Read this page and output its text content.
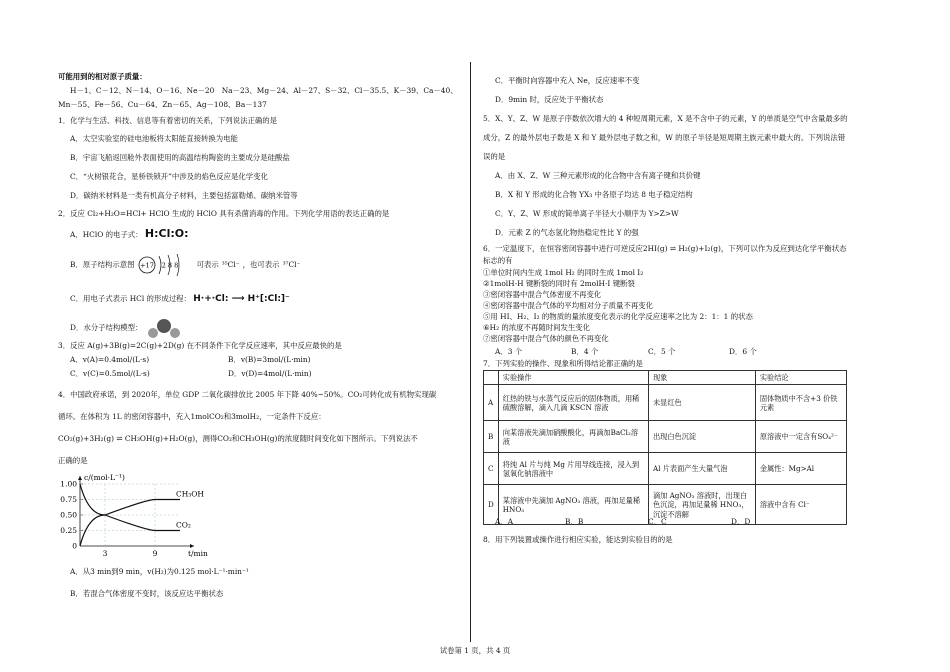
可能用到的相对原子质量：
H－1、C－12、N－14、O－16、Ne－20　Na－23、Mg－24、Al－27、S－32、Cl－35.5、K－39、Ca－40、
Mn－55、Fe－56、Cu－64、Zn－65、Ag－108、Ba－137
1．化学与生活、科技、信息等有着密切的关系，下列说法正确的是
A．太空实验室的硅电池板将太阳能直接转换为电能
B．宇宙飞船返回舱外表面使用的高温结构陶瓷的主要成分是硅酸盐
C．“火树银花合，星桥铁锁开”中涉及的焰色反应是化学变化
D．碳纳米材料是一类有机高分子材料，主要包括富勒烯、碳纳米管等
2．反应 Cl₂+H₂O=HCl+ HClO 生成的 HClO 具有杀菌消毒的作用。下列化学用语的表达正确的是
A．HClO 的电子式： H:Cl:O:
B．原子结构示意图 +17 2 8 8	可表示 ³⁵Cl⁻ ，也可表示 ³⁷Cl⁻
C．用电子式表示 HCl 的形成过程： H·+·Cl: ⟶ H⁺[:Cl:]⁻
D．水分子结构模型：
3．反应 A(g)+3B(g)=2C(g)+2D(g) 在不同条件下化学反应速率，其中反应最快的是
A．v(A)=0.4mol/(L·s)	B．v(B)=3mol/(L·min)
C．v(C)=0.5mol/(L·s)	D．v(D)=4mol/(L·min)
4．中国政府承诺，到 2020年，单位 GDP 二氧化碳排放比 2005 年下降 40%~50%。CO₂可转化成有机物实现碳
循环。在体积为 1L 的密闭容器中，充入1molCO₂和3molH₂，一定条件下反应：
CO₂(g)+3H₂(g) ⇌ CH₃OH(g)+H₂O(g)，测得CO₂和CH₃OH(g)的浓度随时间变化如下图所示。下列说法不
正确的是
c/(mol·L⁻¹)
t/min
1.00
0.75
0.50
0.25
0
3	9
CH₃OH
CO₂
A．从3 min到9 min，v(H₂)为0.125 mol·L⁻¹·min⁻¹
B．若混合气体密度不变时，该反应达平衡状态
C．平衡时向容器中充入 Ne，反应速率不变
D．9min 时，反应处于平衡状态
5．X、Y、Z、W 是原子序数依次增大的 4 种短周期元素，X 是不含中子的元素，Y 的单质是空气中含量最多的
成分，Z 的最外层电子数是 X 和 Y 最外层电子数之和，W 的原子半径是短周期主族元素中最大的。下列说法错
误的是
A．由 X、Z、W 三种元素形成的化合物中含有离子键和共价键
B．X 和 Y 形成的化合物 YX₃ 中各原子均达 8 电子稳定结构
C．Y、Z、W 形成的简单离子半径大小顺序为 Y>Z>W
D．元素 Z 的气态氢化物热稳定性比 Y 的强
6．一定温度下，在恒容密闭容器中进行可逆反应2HI(g) ⇌ H₂(g)+I₂(g)，下列可以作为反应到达化学平衡状态
标志的有
①单位时间内生成 1mol H₂ 的同时生成 1mol I₂
②1molH-H 键断裂的同时有 2molH-I 键断裂
③密闭容器中混合气体密度不再变化
④密闭容器中混合气体的平均相对分子质量不再变化
⑤用 HI、H₂、I₂ 的物质的量浓度变化表示的化学反应速率之比为 2：1：1 的状态
⑥H₂ 的浓度不再随时间发生变化
⑦密闭容器中混合气体的颜色不再变化
A．3 个	B．4 个	C．5 个	D．6 个
7．下列实验的操作、现象和所得结论都正确的是
	实验操作	现象	实验结论
A	红热的铁与水蒸气反应后的固体物质，用稀硫酸溶解，滴入几滴 KSCN 溶液	未显红色	固体物质中不含+3 价铁元素
B	向某溶液先滴加硝酸酸化，再滴加BaCl₂溶液	出现白色沉淀	原溶液中一定含有SO₄²⁻
C	将纯 Al 片与纯 Mg 片用导线连接，浸入到氢氧化钠溶液中	Al 片表面产生大量气泡	金属性：Mg>Al
D	某溶液中先滴加 AgNO₃ 溶液，再加足量稀 HNO₃	滴加 AgNO₃ 溶液时，出现白色沉淀，再加足量稀 HNO₃，沉淀不溶解	溶液中含有 Cl⁻
A．A	B．B	C．C	D．D
8．用下列装置或操作进行相应实验，能达到实验目的的是
试卷第 1 页，共 4 页
